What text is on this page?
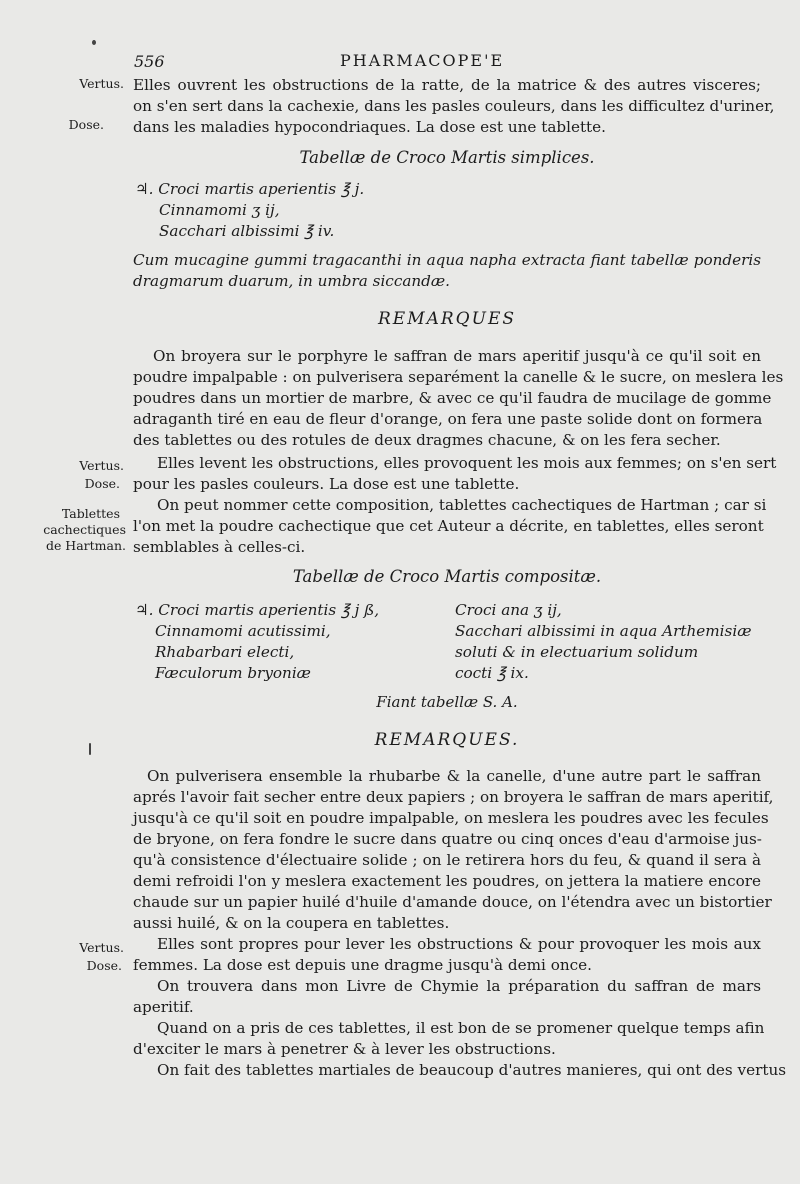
556	PHARMACOPE'E
Vertus.
Dose.
Vertus.
Dose.
Tablettes
cachectiques
de Hartman.
Vertus.
Dose.
Elles ouvrent les obstructions de la ratte, de la matrice & des autres visceres;
on s'en sert dans la cachexie, dans les pasles couleurs, dans les difficultez d'uriner,
dans les maladies hypocondriaques. La dose est une tablette.
Tabellæ de Croco Martis simplices.
♃. Croci martis aperientis ℥ j.
Cinnamomi ʒ ij,
Sacchari albissimi ℥ iv.
Cum mucagine gummi tragacanthi in aqua napha extracta fiant tabellæ ponderis
dragmarum duarum, in umbra siccandæ.
REMARQUES
On broyera sur le porphyre le saffran de mars aperitif jusqu'à ce qu'il soit en
poudre impalpable : on pulverisera separément la canelle & le sucre, on meslera les
poudres dans un mortier de marbre, & avec ce qu'il faudra de mucilage de gomme
adraganth tiré en eau de fleur d'orange, on fera une paste solide dont on formera
des tablettes ou des rotules de deux dragmes chacune, & on les fera secher.
Elles levent les obstructions, elles provoquent les mois aux femmes; on s'en sert
pour les pasles couleurs. La dose est une tablette.
On peut nommer cette composition, tablettes cachectiques de Hartman ; car si
l'on met la poudre cachectique que cet Auteur a décrite, en tablettes, elles seront
semblables à celles-ci.
Tabellæ de Croco Martis compositæ.
♃. Croci martis aperientis ℥ j ß,
Cinnamomi acutissimi,
Rhabarbari electi,
Fæculorum bryoniæ
Croci ana ʒ ij,
Sacchari albissimi in aqua Arthemisiæ
soluti & in electuarium solidum
cocti ℥ ix.
Fiant tabellæ S. A.
REMARQUES.
On pulverisera ensemble la rhubarbe & la canelle, d'une autre part le saffran
aprés l'avoir fait secher entre deux papiers ; on broyera le saffran de mars aperitif,
jusqu'à ce qu'il soit en poudre impalpable, on meslera les poudres avec les fecules
de bryone, on fera fondre le sucre dans quatre ou cinq onces d'eau d'armoise jus-
qu'à consistence d'électuaire solide ; on le retirera hors du feu, & quand il sera à
demi refroidi l'on y meslera exactement les poudres, on jettera la matiere encore
chaude sur un papier huilé d'huile d'amande douce, on l'étendra avec un bistortier
aussi huilé, & on la coupera en tablettes.
Elles sont propres pour lever les obstructions & pour provoquer les mois aux
femmes. La dose est depuis une dragme jusqu'à demi once.
On trouvera dans mon Livre de Chymie la préparation du saffran de mars
aperitif.
Quand on a pris de ces tablettes, il est bon de se promener quelque temps afin
d'exciter le mars à penetrer & à lever les obstructions.
On fait des tablettes martiales de beaucoup d'autres manieres, qui ont des vertus
